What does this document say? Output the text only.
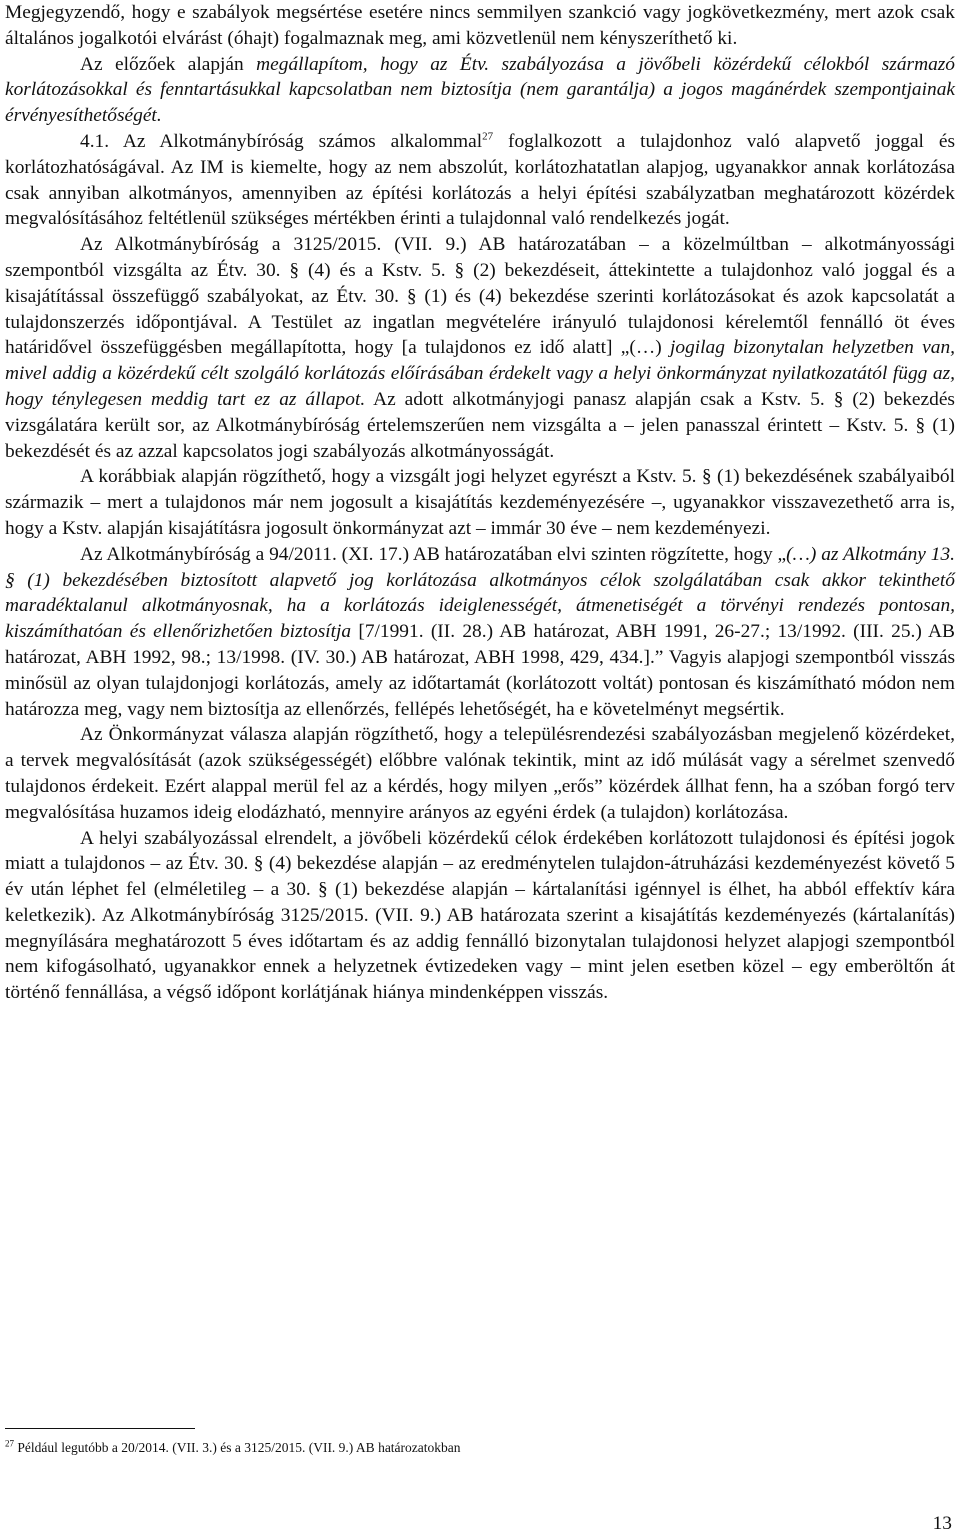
Megjegyzendő, hogy e szabályok megsértése esetére nincs semmilyen szankció vagy jogkövetkezmény, mert azok csak általános jogalkotói elvárást (óhajt) fogalmaznak meg, ami közvetlenül nem kényszeríthető ki.

Az előzőek alapján megállapítom, hogy az Étv. szabályozása a jövőbeli közérdekű célokból származó korlátozásokkal és fenntartásukkal kapcsolatban nem biztosítja (nem garantálja) a jogos magánérdek szempontjainak érvényesíthetőségét.

4.1. Az Alkotmánybíróság számos alkalommal$^{27}$ foglalkozott a tulajdonhoz való alapvető joggal és korlátozhatóságával. Az IM is kiemelte, hogy az nem abszolút, korlátozhatatlan alapjog, ugyanakkor annak korlátozása csak annyiban alkotmányos, amennyiben az építési korlátozás a helyi építési szabályzatban meghatározott közérdek megvalósításához feltétlenül szükséges mértékben érinti a tulajdonnal való rendelkezés jogát.

Az Alkotmánybíróság a 3125/2015. (VII. 9.) AB határozatában – a közelmúltban – alkotmányossági szempontból vizsgálta az Étv. 30. § (4) és a Kstv. 5. § (2) bekezdéseit, áttekintette a tulajdonhoz való joggal és a kisajátítással összefüggő szabályokat, az Étv. 30. § (1) és (4) bekezdése szerinti korlátozásokat és azok kapcsolatát a tulajdonszerzés időpontjával. A Testület az ingatlan megvételére irányuló tulajdonosi kérelemtől fennálló öt éves határidővel összefüggésben megállapította, hogy [a tulajdonos ez idő alatt] „(…) jogilag bizonytalan helyzetben van, mivel addig a közérdekű célt szolgáló korlátozás előírásában érdekelt vagy a helyi önkormányzat nyilatkozatától függ az, hogy ténylegesen meddig tart ez az állapot. Az adott alkotmányjogi panasz alapján csak a Kstv. 5. § (2) bekezdés vizsgálatára került sor, az Alkotmánybíróság értelemszerűen nem vizsgálta a – jelen panasszal érintett – Kstv. 5. § (1) bekezdését és az azzal kapcsolatos jogi szabályozás alkotmányosságát.

A korábbiak alapján rögzíthető, hogy a vizsgált jogi helyzet egyrészt a Kstv. 5. § (1) bekezdésének szabályaiból származik – mert a tulajdonos már nem jogosult a kisajátítás kezdeményezésére –, ugyanakkor visszavezethető arra is, hogy a Kstv. alapján kisajátításra jogosult önkormányzat azt – immár 30 éve – nem kezdeményezi.

Az Alkotmánybíróság a 94/2011. (XI. 17.) AB határozatában elvi szinten rögzítette, hogy „(…) az Alkotmány 13. § (1) bekezdésében biztosított alapvető jog korlátozása alkotmányos célok szolgálatában csak akkor tekinthető maradéktalanul alkotmányosnak, ha a korlátozás ideiglenességét, átmenetiségét a törvényi rendezés pontosan, kiszámíthatóan és ellenőrizhetően biztosítja [7/1991. (II. 28.) AB határozat, ABH 1991, 26-27.; 13/1992. (III. 25.) AB határozat, ABH 1992, 98.; 13/1998. (IV. 30.) AB határozat, ABH 1998, 429, 434.].” Vagyis alapjogi szempontból visszás minősül az olyan tulajdonjogi korlátozás, amely az időtartamát (korlátozott voltát) pontosan és kiszámítható módon nem határozza meg, vagy nem biztosítja az ellenőrzés, fellépés lehetőségét, ha e követelményt megsértik.

Az Önkormányzat válasza alapján rögzíthető, hogy a településrendezési szabályozásban megjelenő közérdeket, a tervek megvalósítását (azok szükségességét) előbbre valónak tekintik, mint az idő múlását vagy a sérelmet szenvedő tulajdonos érdekeit. Ezért alappal merül fel az a kérdés, hogy milyen „erős” közérdek állhat fenn, ha a szóban forgó terv megvalósítása huzamos ideig elodázható, mennyire arányos az egyéni érdek (a tulajdon) korlátozása.

A helyi szabályozással elrendelt, a jövőbeli közérdekű célok érdekében korlátozott tulajdonosi és építési jogok miatt a tulajdonos – az Étv. 30. § (4) bekezdése alapján – az eredménytelen tulajdon-átruházási kezdeményezést követő 5 év után léphet fel (elméletileg – a 30. § (1) bekezdése alapján – kártalanítási igénnyel is élhet, ha abból effektív kára keletkezik). Az Alkotmánybíróság 3125/2015. (VII. 9.) AB határozata szerint a kisajátítás kezdeményezés (kártalanítás) megnyílására meghatározott 5 éves időtartam és az addig fennálló bizonytalan tulajdonosi helyzet alapjogi szempontból nem kifogásolható, ugyanakkor ennek a helyzetnek évtizedeken vagy – mint jelen esetben közel – egy emberöltőn át történő fennállása, a végső időpont korlátjának hiánya mindenképpen visszás.

$^{27}$ Például legutóbb a 20/2014. (VII. 3.) és a 3125/2015. (VII. 9.) AB határozatokban

13
